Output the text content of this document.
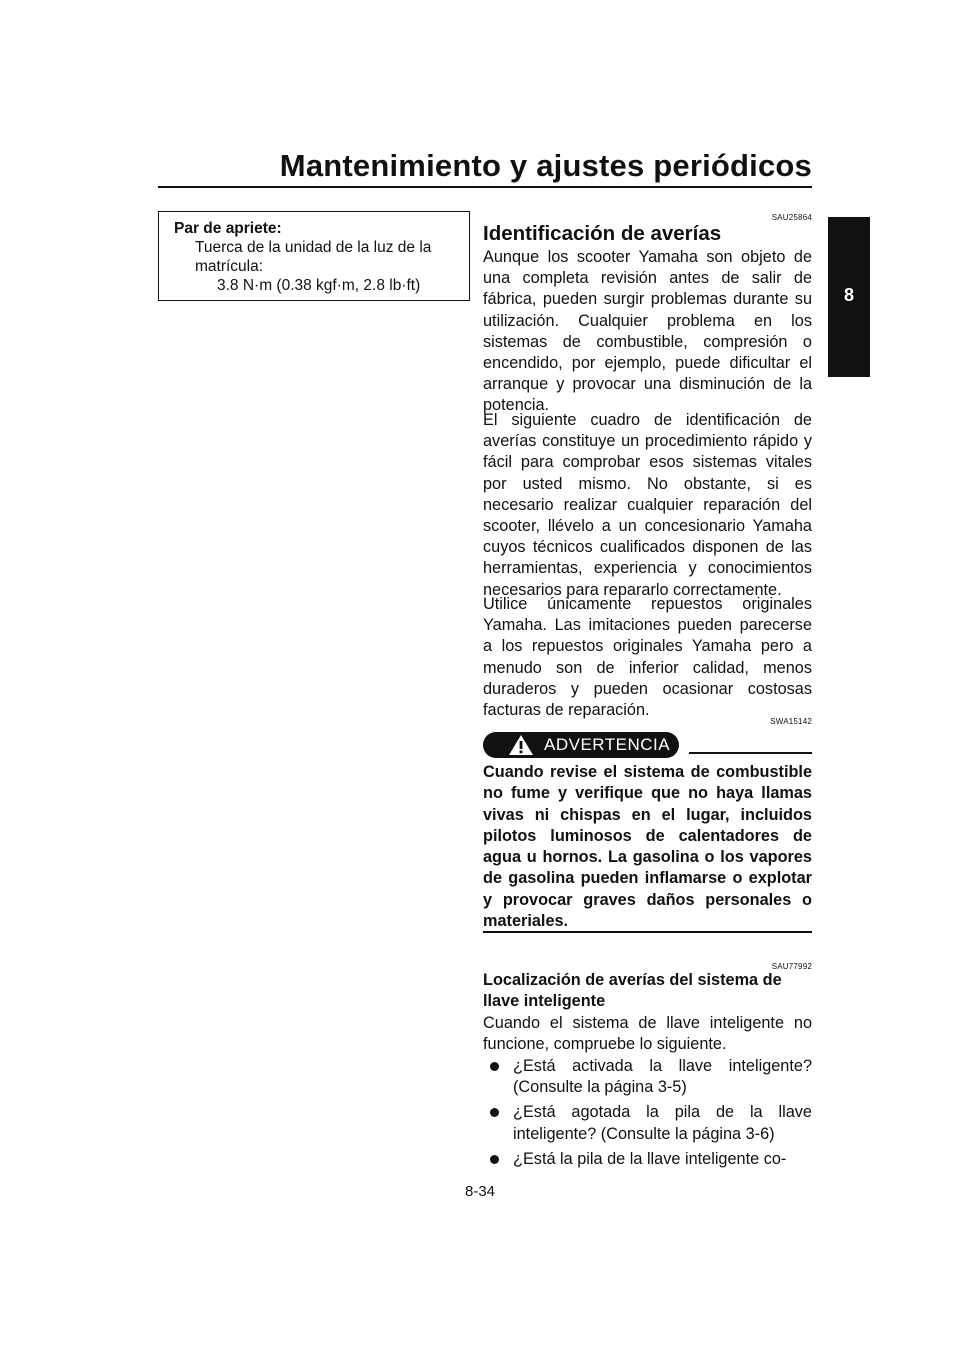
Mantenimiento y ajustes periódicos
8
Par de apriete:
Tuerca de la unidad de la luz de la matrícula:
3.8 N·m (0.38 kgf·m, 2.8 lb·ft)
SAU25864
Identificación de averías
Aunque los scooter Yamaha son objeto de una completa revisión antes de salir de fábrica, pueden surgir problemas durante su utilización. Cualquier problema en los sistemas de combustible, compresión o encendido, por ejemplo, puede dificultar el arranque y provocar una disminución de la potencia.
El siguiente cuadro de identificación de averías constituye un procedimiento rápido y fácil para comprobar esos sistemas vitales por usted mismo. No obstante, si es necesario realizar cualquier reparación del scooter, llévelo a un concesionario Yamaha cuyos técnicos cualificados disponen de las herramientas, experiencia y conocimientos necesarios para repararlo correctamente.
Utilice únicamente repuestos originales Yamaha. Las imitaciones pueden parecerse a los repuestos originales Yamaha pero a menudo son de inferior calidad, menos duraderos y pueden ocasionar costosas facturas de reparación.
SWA15142
ADVERTENCIA
Cuando revise el sistema de combustible no fume y verifique que no haya llamas vivas ni chispas en el lugar, incluidos pilotos luminosos de calentadores de agua u hornos. La gasolina o los vapores de gasolina pueden inflamarse o explotar y provocar graves daños personales o materiales.
SAU77992
Localización de averías del sistema de llave inteligente
Cuando el sistema de llave inteligente no funcione, compruebe lo siguiente.
¿Está activada la llave inteligente? (Consulte la página 3-5)
¿Está agotada la pila de la llave inteligente? (Consulte la página 3-6)
¿Está la pila de la llave inteligente co-
8-34
